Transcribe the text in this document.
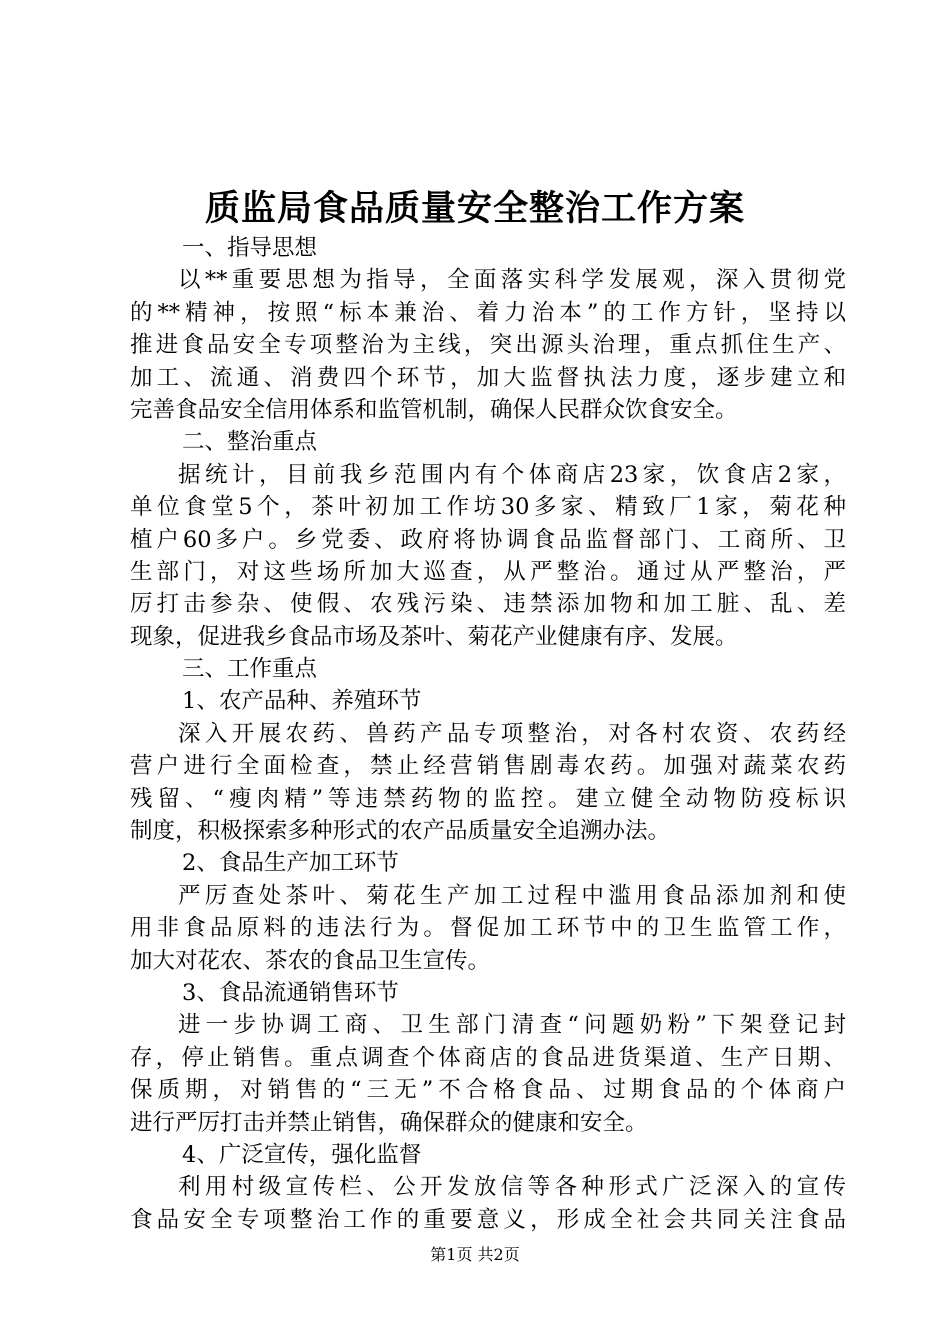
质监局食品质量安全整治工作方案
一、指导思想
以**重要思想为指导，全面落实科学发展观，深入贯彻党
的**精神，按照“标本兼治、着力治本”的工作方针，坚持以
推进食品安全专项整治为主线，突出源头治理，重点抓住生产、
加工、流通、消费四个环节，加大监督执法力度，逐步建立和
完善食品安全信用体系和监管机制，确保人民群众饮食安全。
二、整治重点
据统计，目前我乡范围内有个体商店23家，饮食店2家，
单位食堂5个，茶叶初加工作坊30多家、精致厂1家，菊花种
植户60多户。乡党委、政府将协调食品监督部门、工商所、卫
生部门，对这些场所加大巡查，从严整治。通过从严整治，严
厉打击参杂、使假、农残污染、违禁添加物和加工脏、乱、差
现象，促进我乡食品市场及茶叶、菊花产业健康有序、发展。
三、工作重点
1、农产品种、养殖环节
深入开展农药、兽药产品专项整治，对各村农资、农药经
营户进行全面检查，禁止经营销售剧毒农药。加强对蔬菜农药
残留、“瘦肉精”等违禁药物的监控。建立健全动物防疫标识
制度，积极探索多种形式的农产品质量安全追溯办法。
2、食品生产加工环节
严厉查处茶叶、菊花生产加工过程中滥用食品添加剂和使
用非食品原料的违法行为。督促加工环节中的卫生监管工作，
加大对花农、茶农的食品卫生宣传。
3、食品流通销售环节
进一步协调工商、卫生部门清查“问题奶粉”下架登记封
存，停止销售。重点调查个体商店的食品进货渠道、生产日期、
保质期，对销售的“三无”不合格食品、过期食品的个体商户
进行严厉打击并禁止销售，确保群众的健康和安全。
4、广泛宣传，强化监督
利用村级宣传栏、公开发放信等各种形式广泛深入的宣传
食品安全专项整治工作的重要意义，形成全社会共同关注食品
第1页 共2页
